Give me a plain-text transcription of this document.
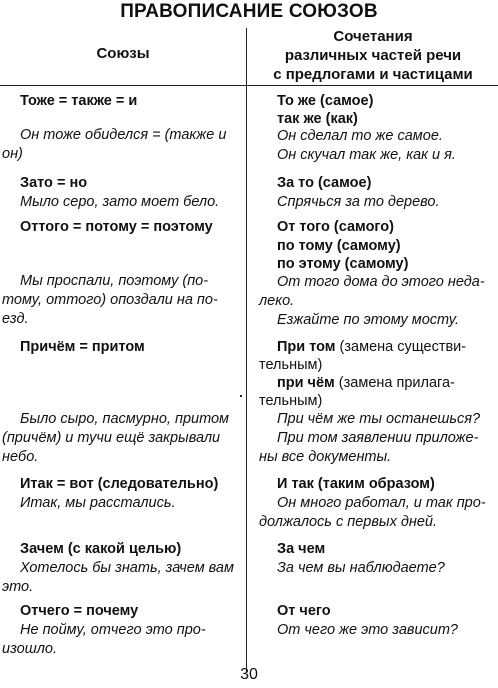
ПРАВОПИСАНИЕ СОЮЗОВ
Союзы
Сочетания
различных частей речи
с предлогами и частицами
Тоже = также = и
Он тоже обиделся = (также и
он)
Зато = но
Мыло серо, зато моет бело.
Оттого = потому = поэтому
Мы проспали, поэтому (по-
тому, оттого) опоздали на по-
езд.
Причём = притом
Было сыро, пасмурно, притом
(причём) и тучи ещё закрывали
небо.
Итак = вот (следовательно)
Итак, мы расстались.
Зачем (с какой целью)
Хотелось бы знать, зачем вам
это.
Отчего = почему
Не пойму, отчего это про-
изошло.
То же (самое)
так же (как)
Он сделал то же самое.
Он скучал так же, как и я.
За то (самое)
Спрячься за то дерево.
От того (самого)
по тому (самому)
по этому (самому)
От того дома до этого неда-
леко.
Езжайте по этому мосту.
При том (замена существи-
тельным)
при чём (замена прилага-
тельным)
При чём же ты останешься?
При том заявлении приложе-
ны все документы.
И так (таким образом)
Он много работал, и так про-
должалось с первых дней.
За чем
За чем вы наблюдаете?
От чего
От чего же это зависит?
30
